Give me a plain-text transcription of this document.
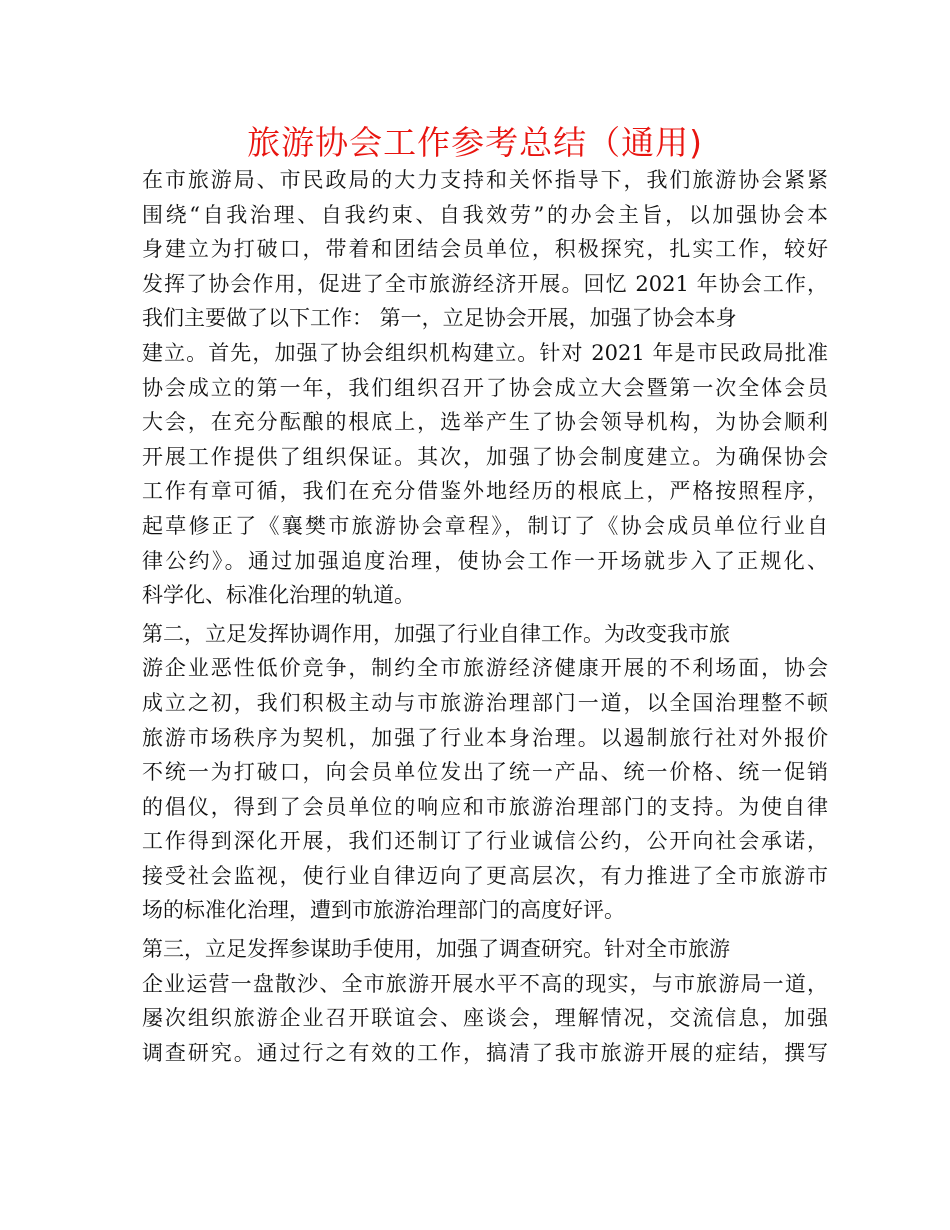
旅游协会工作参考总结（通用)
在市旅游局、市民政局的大力支持和关怀指导下，我们旅游协会紧紧
围绕“自我治理、自我约束、自我效劳”的办会主旨，以加强协会本
身建立为打破口，带着和团结会员单位，积极探究，扎实工作，较好
发挥了协会作用，促进了全市旅游经济开展。回忆 2021 年协会工作，
我们主要做了以下工作： 第一，立足协会开展，加强了协会本身
建立。首先，加强了协会组织机构建立。针对 2021 年是市民政局批准
协会成立的第一年，我们组织召开了协会成立大会暨第一次全体会员
大会，在充分酝酿的根底上，选举产生了协会领导机构，为协会顺利
开展工作提供了组织保证。其次，加强了协会制度建立。为确保协会
工作有章可循，我们在充分借鉴外地经历的根底上，严格按照程序，
起草修正了《襄樊市旅游协会章程》，制订了《协会成员单位行业自
律公约》。通过加强追度治理，使协会工作一开场就步入了正规化、
科学化、标准化治理的轨道。
第二，立足发挥协调作用，加强了行业自律工作。为改变我市旅
游企业恶性低价竞争，制约全市旅游经济健康开展的不利场面，协会
成立之初，我们积极主动与市旅游治理部门一道，以全国治理整不顿
旅游市场秩序为契机，加强了行业本身治理。以遏制旅行社对外报价
不统一为打破口，向会员单位发出了统一产品、统一价格、统一促销
的倡仪，得到了会员单位的响应和市旅游治理部门的支持。为使自律
工作得到深化开展，我们还制订了行业诚信公约，公开向社会承诺，
接受社会监视，使行业自律迈向了更高层次，有力推进了全市旅游市
场的标准化治理，遭到市旅游治理部门的高度好评。
第三，立足发挥参谋助手使用，加强了调查研究。针对全市旅游
企业运营一盘散沙、全市旅游开展水平不高的现实，与市旅游局一道，
屡次组织旅游企业召开联谊会、座谈会，理解情况，交流信息，加强
调查研究。通过行之有效的工作，搞清了我市旅游开展的症结，撰写
